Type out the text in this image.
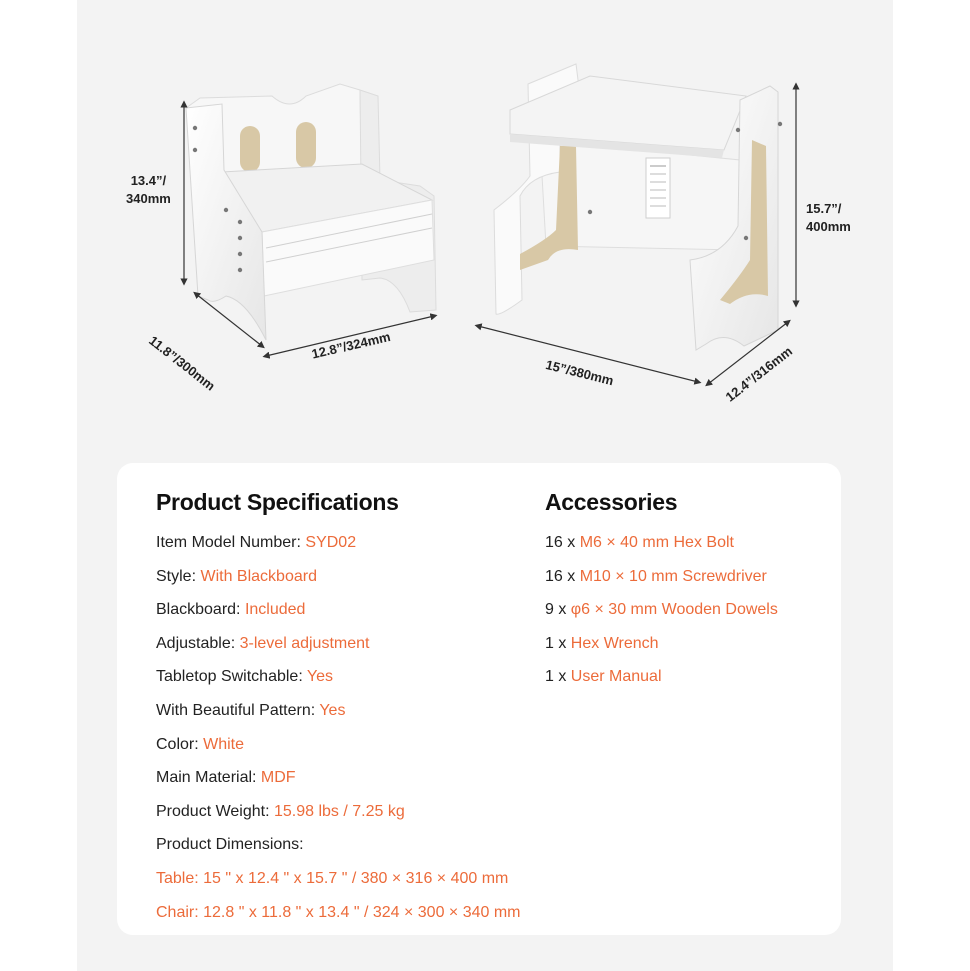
13.4”/
340mm
11.8”/300mm	12.8”/324mm
15”/380mm	12.4”/316mm
15.7”/
400mm
Product Specifications
Item Model Number: SYD02
Style: With Blackboard
Blackboard: Included
Adjustable: 3-level adjustment
Tabletop Switchable: Yes
With Beautiful Pattern: Yes
Color: White
Main Material: MDF
Product Weight: 15.98 lbs / 7.25 kg
Product Dimensions:
Table: 15 " x 12.4 " x 15.7 " / 380 × 316 × 400 mm
Chair: 12.8 " x 11.8 " x 13.4 " / 324 × 300 × 340 mm
Accessories
16 x M6 × 40 mm Hex Bolt
16 x M10 × 10 mm Screwdriver
9 x φ6 × 30 mm Wooden Dowels
1 x Hex Wrench
1 x User Manual
